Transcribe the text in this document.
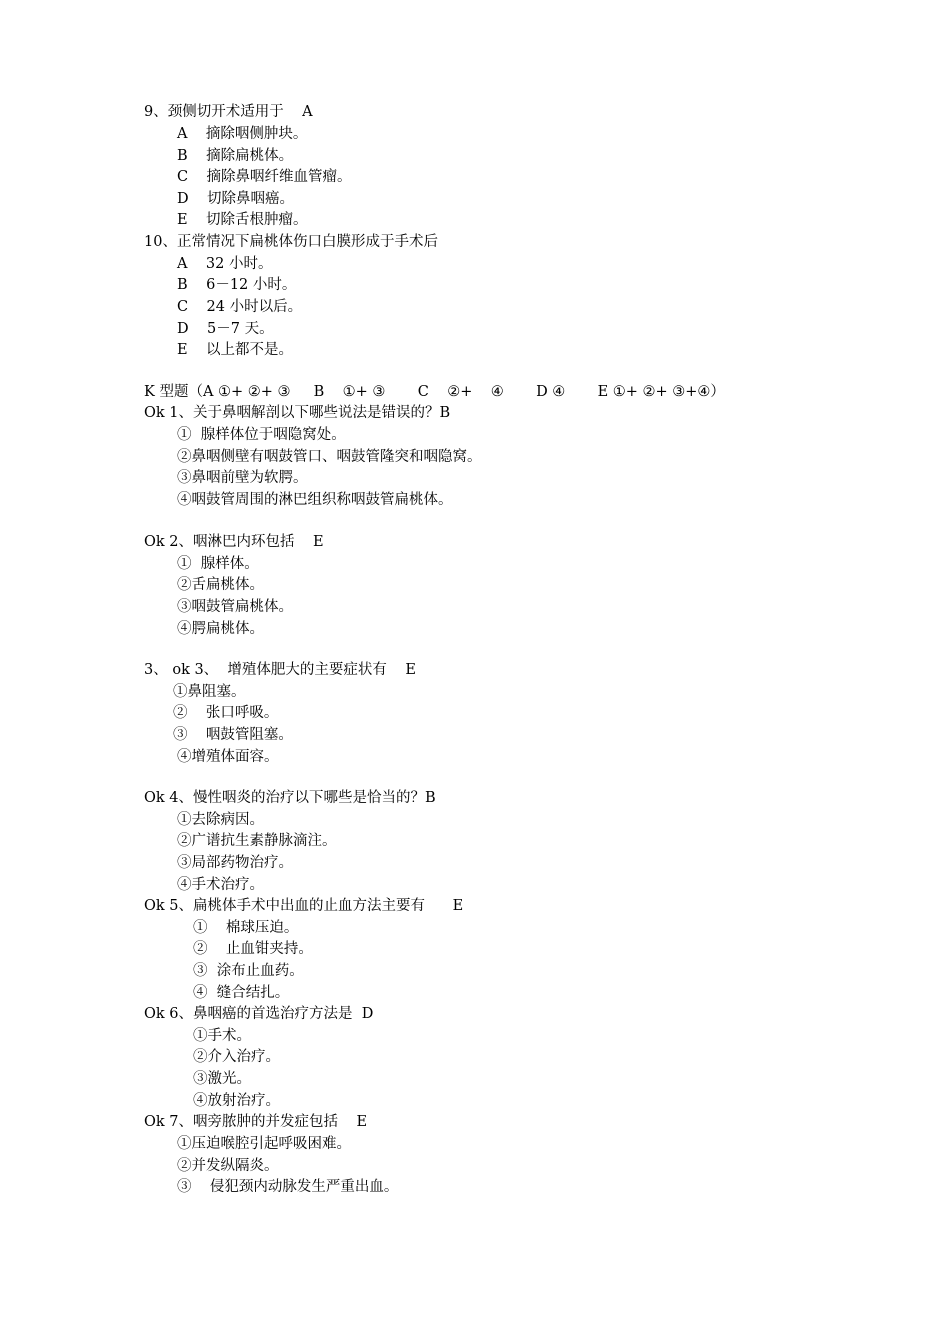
9、颈侧切开术适用于    A
A    摘除咽侧肿块。
B    摘除扁桃体。
C    摘除鼻咽纤维血管瘤。
D    切除鼻咽癌。
E    切除舌根肿瘤。
10、正常情况下扁桃体伤口白膜形成于手术后
A    32 小时。
B    6－12 小时。
C    24 小时以后。
D    5－7 天。
E    以上都不是。
K 型题（A ①+ ②+ ③     B    ①+ ③       C    ②+    ④       D ④       E ①+ ②+ ③+④）
Ok 1、关于鼻咽解剖以下哪些说法是错误的？B
①  腺样体位于咽隐窝处。
②鼻咽侧壁有咽鼓管口、咽鼓管隆突和咽隐窝。
③鼻咽前壁为软腭。
④咽鼓管周围的淋巴组织称咽鼓管扁桃体。
Ok 2、咽淋巴内环包括    E
①  腺样体。
②舌扁桃体。
③咽鼓管扁桃体。
④腭扁桃体。
3、 ok 3、  增殖体肥大的主要症状有    E
①鼻阻塞。
②    张口呼吸。
③    咽鼓管阻塞。
④增殖体面容。
Ok 4、慢性咽炎的治疗以下哪些是恰当的？B
①去除病因。
②广谱抗生素静脉滴注。
③局部药物治疗。
④手术治疗。
Ok 5、扁桃体手术中出血的止血方法主要有      E
①    棉球压迫。
②    止血钳夹持。
③  涂布止血药。
④  缝合结扎。
Ok 6、鼻咽癌的首选治疗方法是  D
①手术。
②介入治疗。
③激光。
④放射治疗。
Ok 7、咽旁脓肿的并发症包括    E
①压迫喉腔引起呼吸困难。
②并发纵隔炎。
③    侵犯颈内动脉发生严重出血。
